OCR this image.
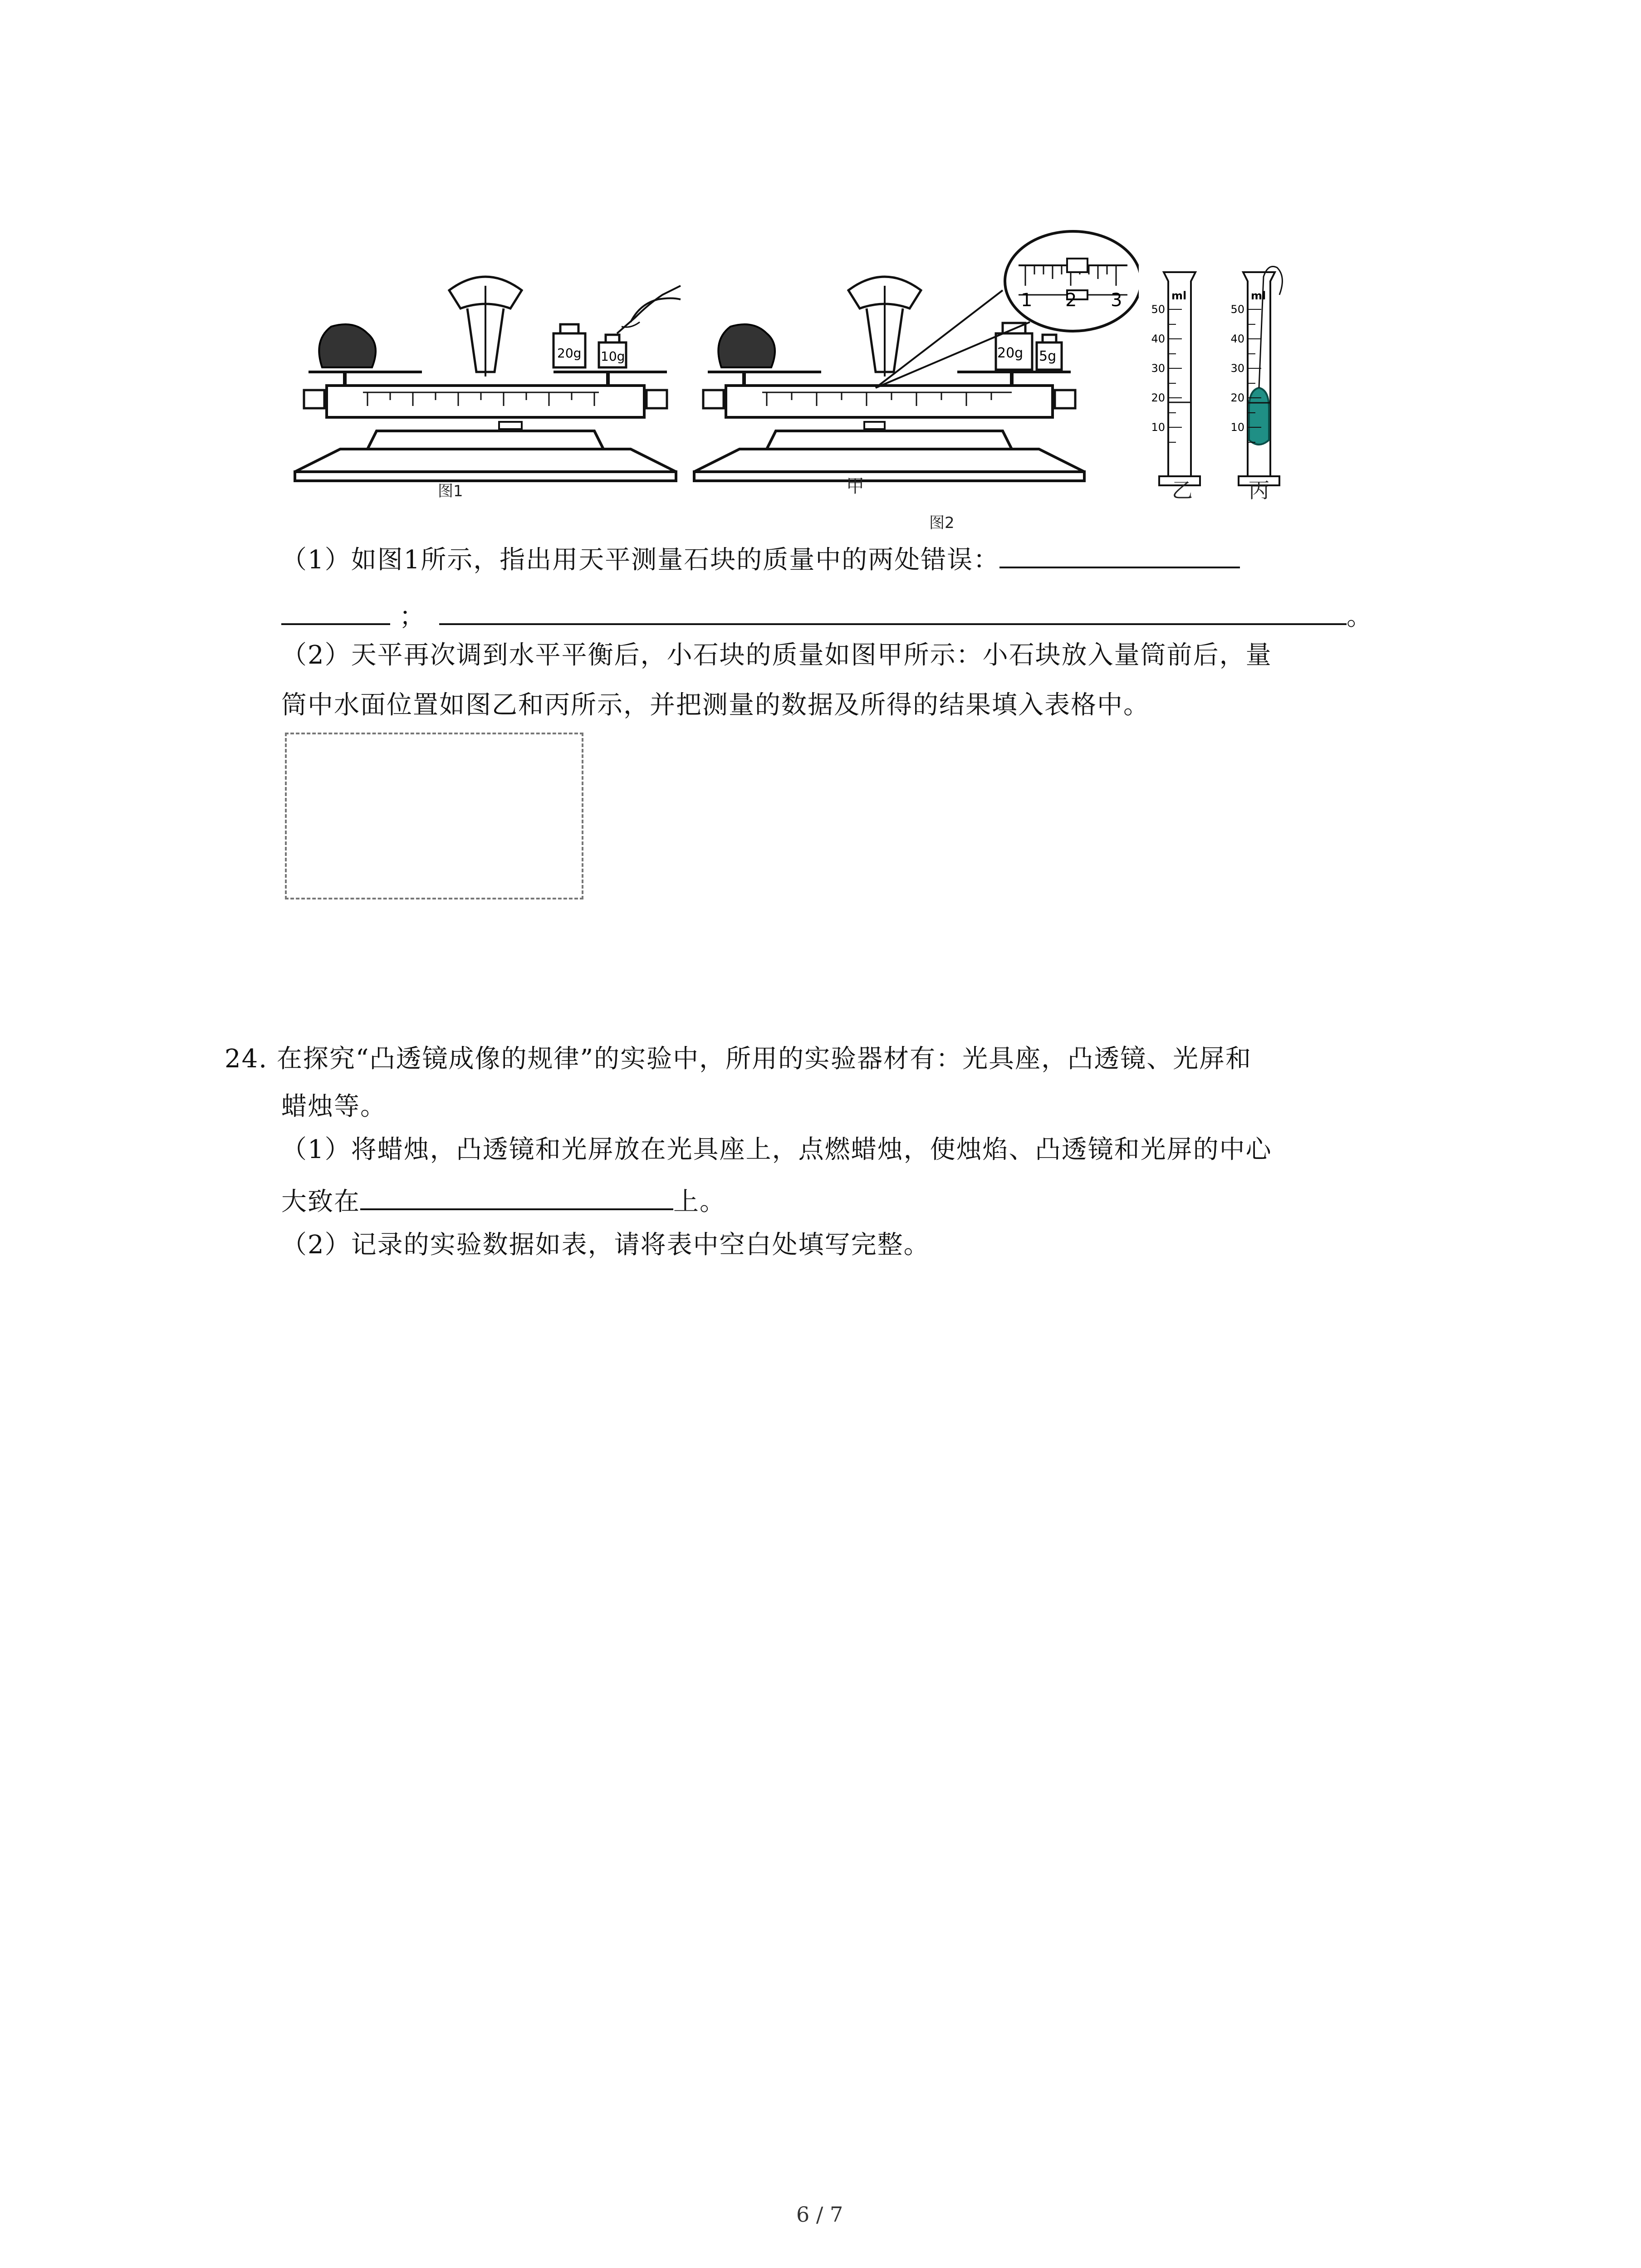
20g 10g
图1
20g 5g
1 2 3
甲
图2
ml
50
40
30
20
10
乙
ml
50
40
30
20
10
丙
（1）如图1所示，指出用天平测量石块的质量中的两处错误：
；	。
（2）天平再次调到水平平衡后，小石块的质量如图甲所示：小石块放入量筒前后，量
筒中水面位置如图乙和丙所示，并把测量的数据及所得的结果填入表格中。
24. 在探究“凸透镜成像的规律”的实验中，所用的实验器材有：光具座，凸透镜、光屏和
蜡烛等。
（1）将蜡烛，凸透镜和光屏放在光具座上，点燃蜡烛，使烛焰、凸透镜和光屏的中心
大致在	上。
（2）记录的实验数据如表，请将表中空白处填写完整。
6 / 7
